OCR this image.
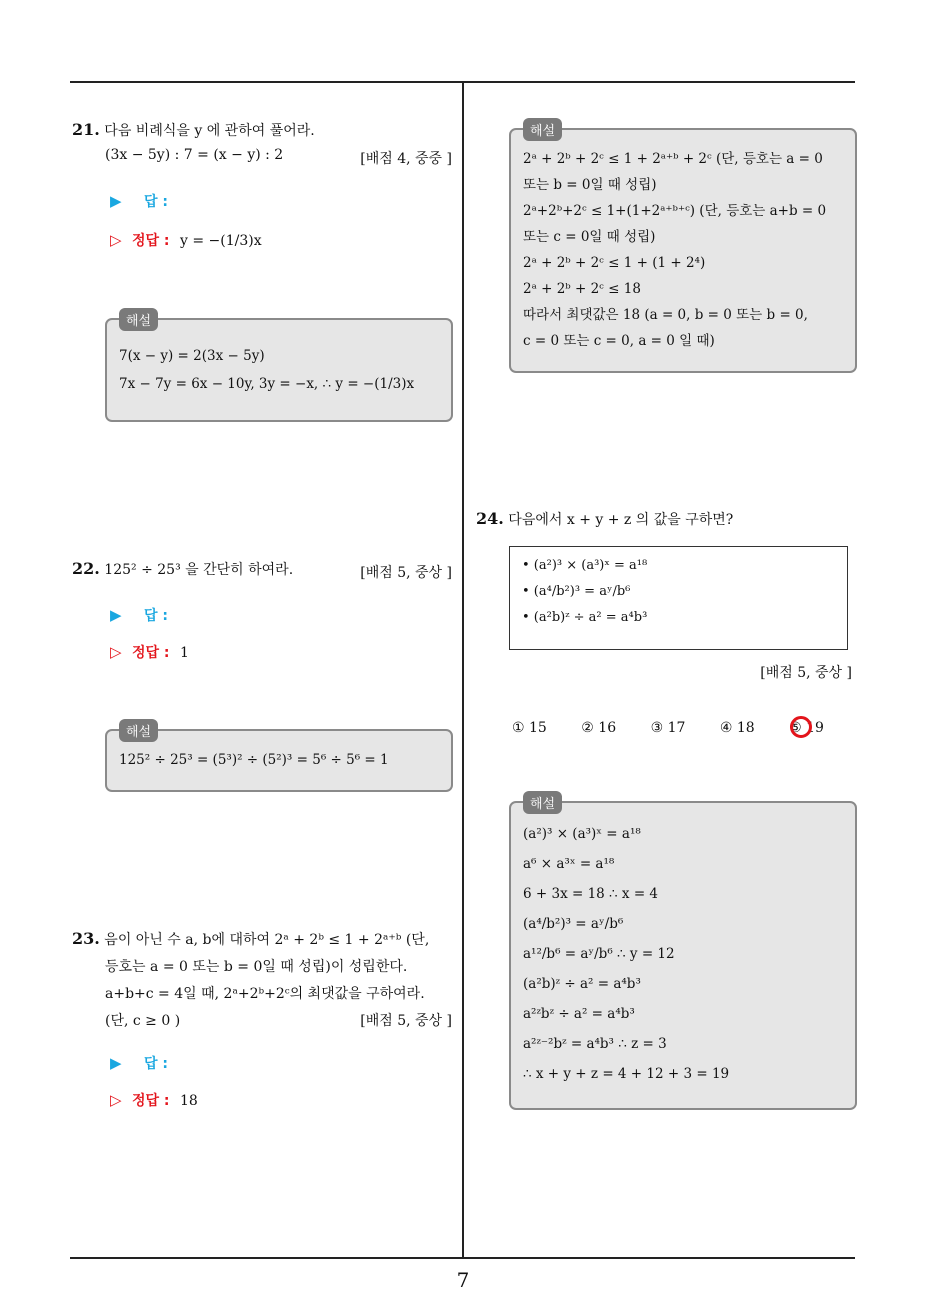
21. 다음 비례식을 y 에 관하여 풀어라.
(3x − 5y) : 7 = (x − y) : 2	[배점 4, 중중 ]
▶ 답 :
▷ 정답 : y = −(1/3)x
해설
7(x − y) = 2(3x − 5y)
7x − 7y = 6x − 10y, 3y = −x, ∴ y = −(1/3)x
22. 125² ÷ 25³ 을 간단히 하여라.	[배점 5, 중상 ]
▶ 답 :
▷ 정답 : 1
해설
125² ÷ 25³ = (5³)² ÷ (5²)³ = 5⁶ ÷ 5⁶ = 1
23. 음이 아닌 수 a, b에 대하여 2ᵃ + 2ᵇ ≤ 1 + 2ᵃ⁺ᵇ (단,
등호는 a = 0 또는 b = 0일 때 성립)이 성립한다.
a+b+c = 4일 때, 2ᵃ+2ᵇ+2ᶜ의 최댓값을 구하여라.
(단, c ≥ 0 )	[배점 5, 중상 ]
▶ 답 :
▷ 정답 : 18
해설
2ᵃ + 2ᵇ + 2ᶜ ≤ 1 + 2ᵃ⁺ᵇ + 2ᶜ (단, 등호는 a = 0
또는 b = 0일 때 성립)
2ᵃ+2ᵇ+2ᶜ ≤ 1+(1+2ᵃ⁺ᵇ⁺ᶜ) (단, 등호는 a+b = 0
또는 c = 0일 때 성립)
2ᵃ + 2ᵇ + 2ᶜ ≤ 1 + (1 + 2⁴)
2ᵃ + 2ᵇ + 2ᶜ ≤ 18
따라서 최댓값은 18 (a = 0, b = 0 또는 b = 0,
c = 0 또는 c = 0, a = 0 일 때)
24. 다음에서 x + y + z 의 값을 구하면?
• (a²)³ × (a³)ˣ = a¹⁸
• (a⁴/b²)³ = aʸ/b⁶
• (a²b)ᶻ ÷ a² = a⁴b³
[배점 5, 중상 ]
① 15 ② 16 ③ 17 ④ 18 ⑤ 19
해설
(a²)³ × (a³)ˣ = a¹⁸
a⁶ × a³ˣ = a¹⁸
6 + 3x = 18 ∴ x = 4
(a⁴/b²)³ = aʸ/b⁶
a¹²/b⁶ = aʸ/b⁶ ∴ y = 12
(a²b)ᶻ ÷ a² = a⁴b³
a²ᶻbᶻ ÷ a² = a⁴b³
a²ᶻ⁻²bᶻ = a⁴b³ ∴ z = 3
∴ x + y + z = 4 + 12 + 3 = 19
7
